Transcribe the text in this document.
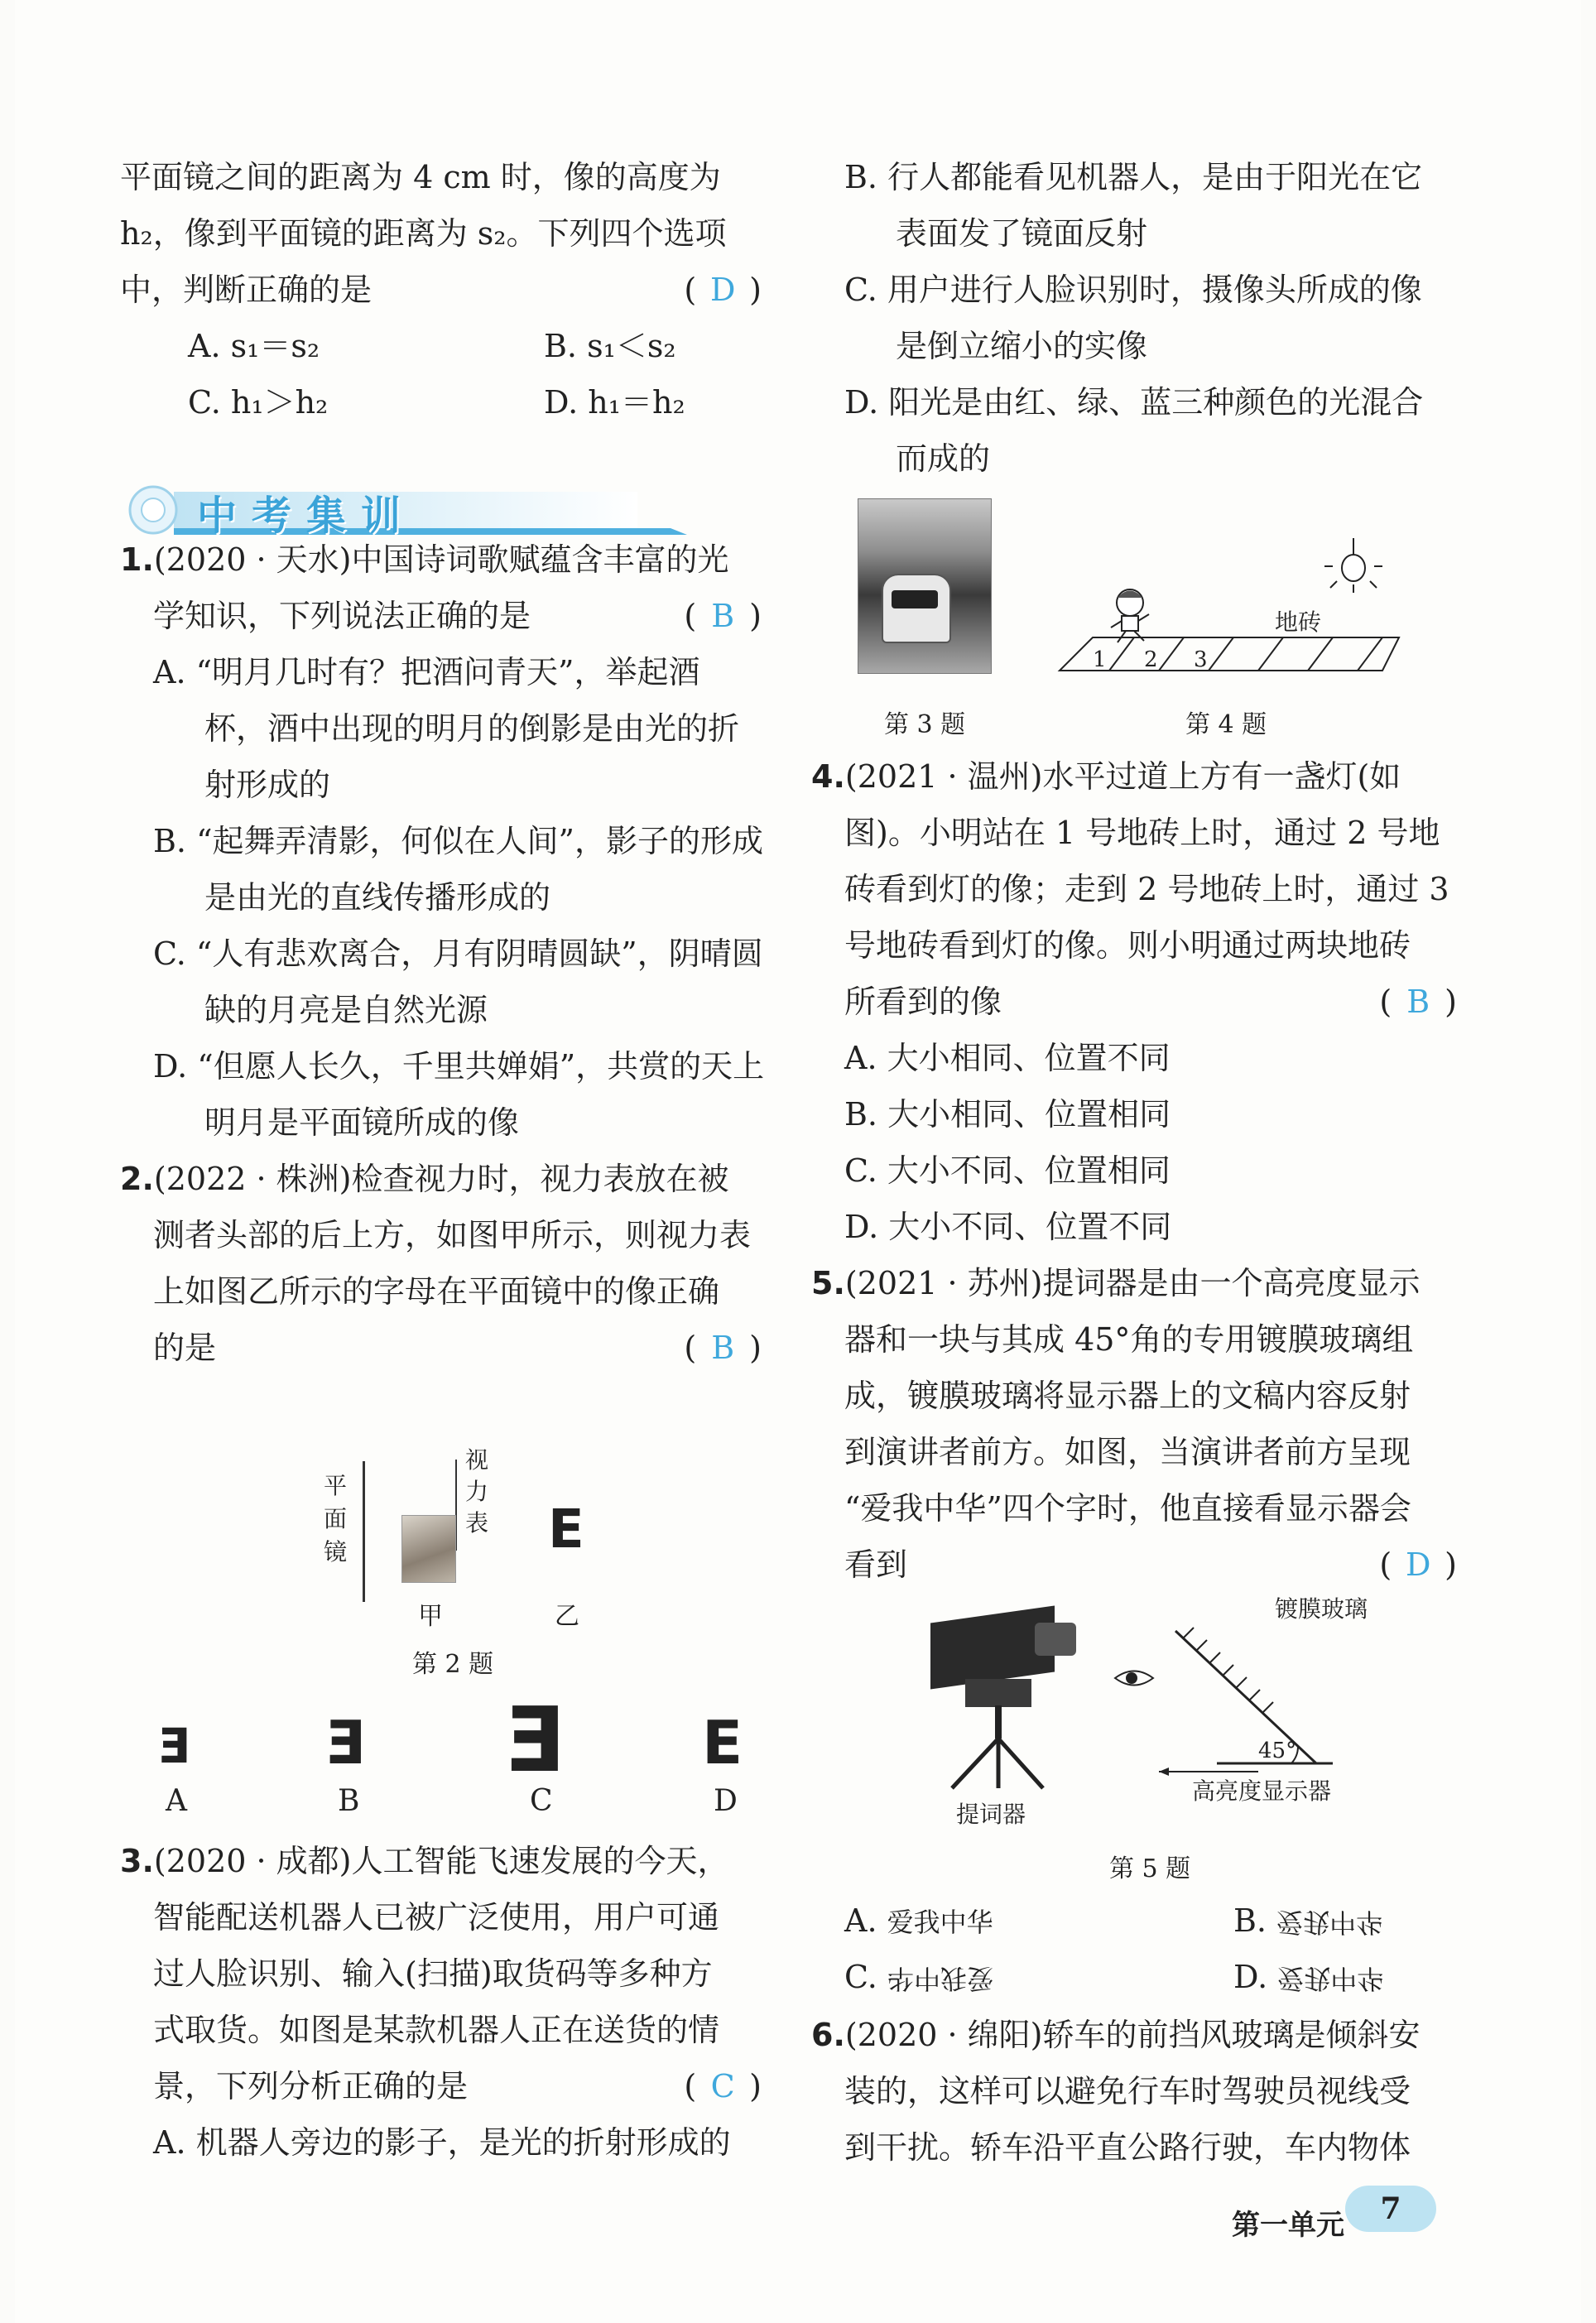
平面镜之间的距离为 4 cm 时，像的高度为
h₂，像到平面镜的距离为 s₂。下列四个选项
中，判断正确的是	( D )
A. s₁＝s₂	B. s₁＜s₂
C. h₁＞h₂	D. h₁＝h₂
1.(2020 · 天水)中国诗词歌赋蕴含丰富的光
学知识，下列说法正确的是	( B )
A. “明月几时有？把酒问青天”，举起酒
杯，酒中出现的明月的倒影是由光的折
射形成的
B. “起舞弄清影，何似在人间”，影子的形成
是由光的直线传播形成的
C. “人有悲欢离合，月有阴晴圆缺”，阴晴圆
缺的月亮是自然光源
D. “但愿人长久，千里共婵娟”，共赏的天上
明月是平面镜所成的像
2.(2022 · 株洲)检查视力时，视力表放在被
测者头部的后上方，如图甲所示，则视力表
上如图乙所示的字母在平面镜中的像正确
的是	( B )
中考集训
平
面
镜
视
力
表 E
甲	乙
第 2 题
Ǝ Ǝ Ǝ E
A	B	C	D
3.(2020 · 成都)人工智能飞速发展的今天，
智能配送机器人已被广泛使用，用户可通
过人脸识别、输入(扫描)取货码等多种方
式取货。如图是某款机器人正在送货的情
景，下列分析正确的是	( C )
A. 机器人旁边的影子，是光的折射形成的
B. 行人都能看见机器人，是由于阳光在它
表面发了镜面反射
C. 用户进行人脸识别时，摄像头所成的像
是倒立缩小的实像
D. 阳光是由红、绿、蓝三种颜色的光混合
而成的
第 3 题
地砖
1 2 3
第 4 题
4.(2021 · 温州)水平过道上方有一盏灯(如
图)。小明站在 1 号地砖上时，通过 2 号地
砖看到灯的像；走到 2 号地砖上时，通过 3
号地砖看到灯的像。则小明通过两块地砖
所看到的像	( B )
A. 大小相同、位置不同
B. 大小相同、位置相同
C. 大小不同、位置相同
D. 大小不同、位置不同
5.(2021 · 苏州)提词器是由一个高亮度显示
器和一块与其成 45°角的专用镀膜玻璃组
成，镀膜玻璃将显示器上的文稿内容反射
到演讲者前方。如图，当演讲者前方呈现
“爱我中华”四个字时，他直接看显示器会
看到	( D )
提词器
镀膜玻璃
45°
高亮度显示器
第 5 题
A. 爱我中华	B. 爱我中华
C. 爱我中华	D. 爱我中华
6.(2020 · 绵阳)轿车的前挡风玻璃是倾斜安
装的，这样可以避免行车时驾驶员视线受
到干扰。轿车沿平直公路行驶，车内物体
第一单元	7
